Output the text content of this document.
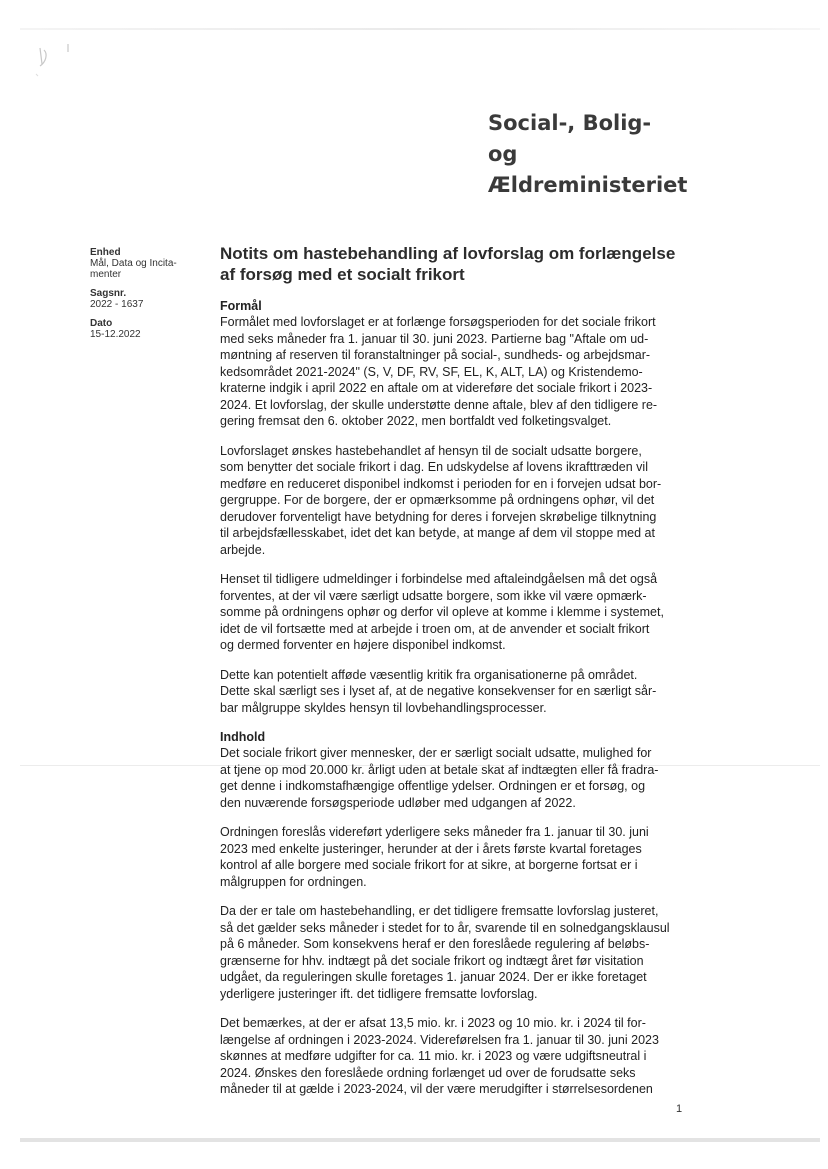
Social-, Bolig- og
Ældreministeriet
Enhed
Mål, Data og Incita-
menter
Sagsnr.
2022 - 1637
Dato
15-12.2022
Notits om hastebehandling af lovforslag om forlængelse
af forsøg med et socialt frikort
Formål

Formålet med lovforslaget er at forlænge forsøgsperioden for det sociale frikort
med seks måneder fra 1. januar til 30. juni 2023. Partierne bag "Aftale om ud-
møntning af reserven til foranstaltninger på social-, sundheds- og arbejdsmar-
kedsområdet 2021-2024" (S, V, DF, RV, SF, EL, K, ALT, LA) og Kristendemo-
kraterne indgik i april 2022 en aftale om at videreføre det sociale frikort i 2023-
2024. Et lovforslag, der skulle understøtte denne aftale, blev af den tidligere re-
gering fremsat den 6. oktober 2022, men bortfaldt ved folketingsvalget.

Lovforslaget ønskes hastebehandlet af hensyn til de socialt udsatte borgere,
som benytter det sociale frikort i dag. En udskydelse af lovens ikrafttræden vil
medføre en reduceret disponibel indkomst i perioden for en i forvejen udsat bor-
gergruppe. For de borgere, der er opmærksomme på ordningens ophør, vil det
derudover forventeligt have betydning for deres i forvejen skrøbelige tilknytning
til arbejdsfællesskabet, idet det kan betyde, at mange af dem vil stoppe med at
arbejde.

Henset til tidligere udmeldinger i forbindelse med aftaleindgåelsen må det også
forventes, at der vil være særligt udsatte borgere, som ikke vil være opmærk-
somme på ordningens ophør og derfor vil opleve at komme i klemme i systemet,
idet de vil fortsætte med at arbejde i troen om, at de anvender et socialt frikort
og dermed forventer en højere disponibel indkomst.

Dette kan potentielt afføde væsentlig kritik fra organisationerne på området.
Dette skal særligt ses i lyset af, at de negative konsekvenser for en særligt sår-
bar målgruppe skyldes hensyn til lovbehandlingsprocesser.

Indhold

Det sociale frikort giver mennesker, der er særligt socialt udsatte, mulighed for
at tjene op mod 20.000 kr. årligt uden at betale skat af indtægten eller få fradra-
get denne i indkomstafhængige offentlige ydelser. Ordningen er et forsøg, og
den nuværende forsøgsperiode udløber med udgangen af 2022.

Ordningen foreslås videreført yderligere seks måneder fra 1. januar til 30. juni
2023 med enkelte justeringer, herunder at der i årets første kvartal foretages
kontrol af alle borgere med sociale frikort for at sikre, at borgerne fortsat er i
målgruppen for ordningen.

Da der er tale om hastebehandling, er det tidligere fremsatte lovforslag justeret,
så det gælder seks måneder i stedet for to år, svarende til en solnedgangsklausul
på 6 måneder. Som konsekvens heraf er den foreslåede regulering af beløbs-
grænserne for hhv. indtægt på det sociale frikort og indtægt året før visitation
udgået, da reguleringen skulle foretages 1. januar 2024. Der er ikke foretaget
yderligere justeringer ift. det tidligere fremsatte lovforslag.

Det bemærkes, at der er afsat 13,5 mio. kr. i 2023 og 10 mio. kr. i 2024 til for-
længelse af ordningen i 2023-2024. Videreførelsen fra 1. januar til 30. juni 2023
skønnes at medføre udgifter for ca. 11 mio. kr. i 2023 og være udgiftsneutral i
2024. Ønskes den foreslåede ordning forlænget ud over de forudsatte seks
måneder til at gælde i 2023-2024, vil der være merudgifter i størrelsesordenen

1
